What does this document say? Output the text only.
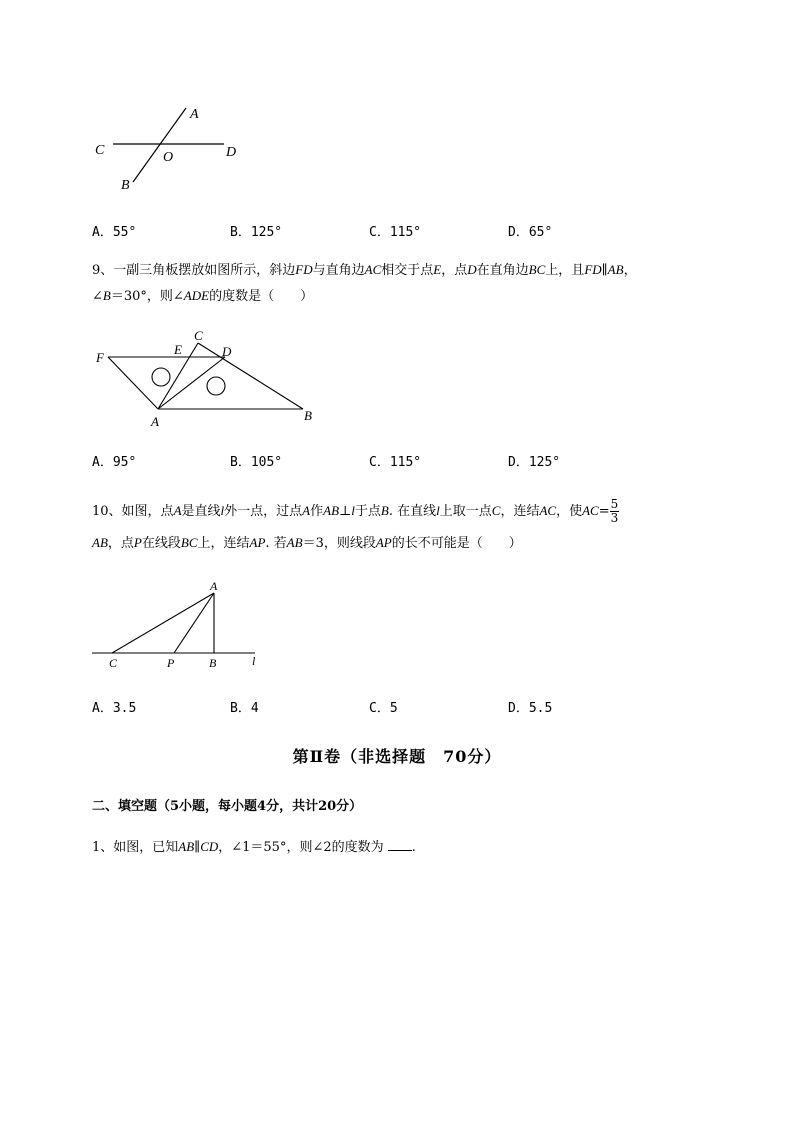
A
C	O	D
B
A．55°	B．125°	C．115°	D．65°
9、一副三角板摆放如图所示，斜边FD与直角边AC相交于点E，点D在直角边BC上，且FD∥AB，
∠B＝30°，则∠ADE的度数是（　　）
F
E
C
D
A	B
A．95°	B．105°	C．115°	D．125°
10、如图，点A是直线l外一点，过点A作AB⊥l于点B. 在直线l上取一点C，连结AC，使$AC= \frac{5}{3}$
AB，点P在线段BC上，连结AP. 若AB＝3，则线段AP的长不可能是（　　）
A
C	P	B	l
A．3.5	B．4	C．5	D．5.5
第Ⅱ卷（非选择题　70分）
二、填空题（5小题，每小题4分，共计20分）
1、如图，已知AB∥CD，∠1＝55°，则∠2的度数为 .
